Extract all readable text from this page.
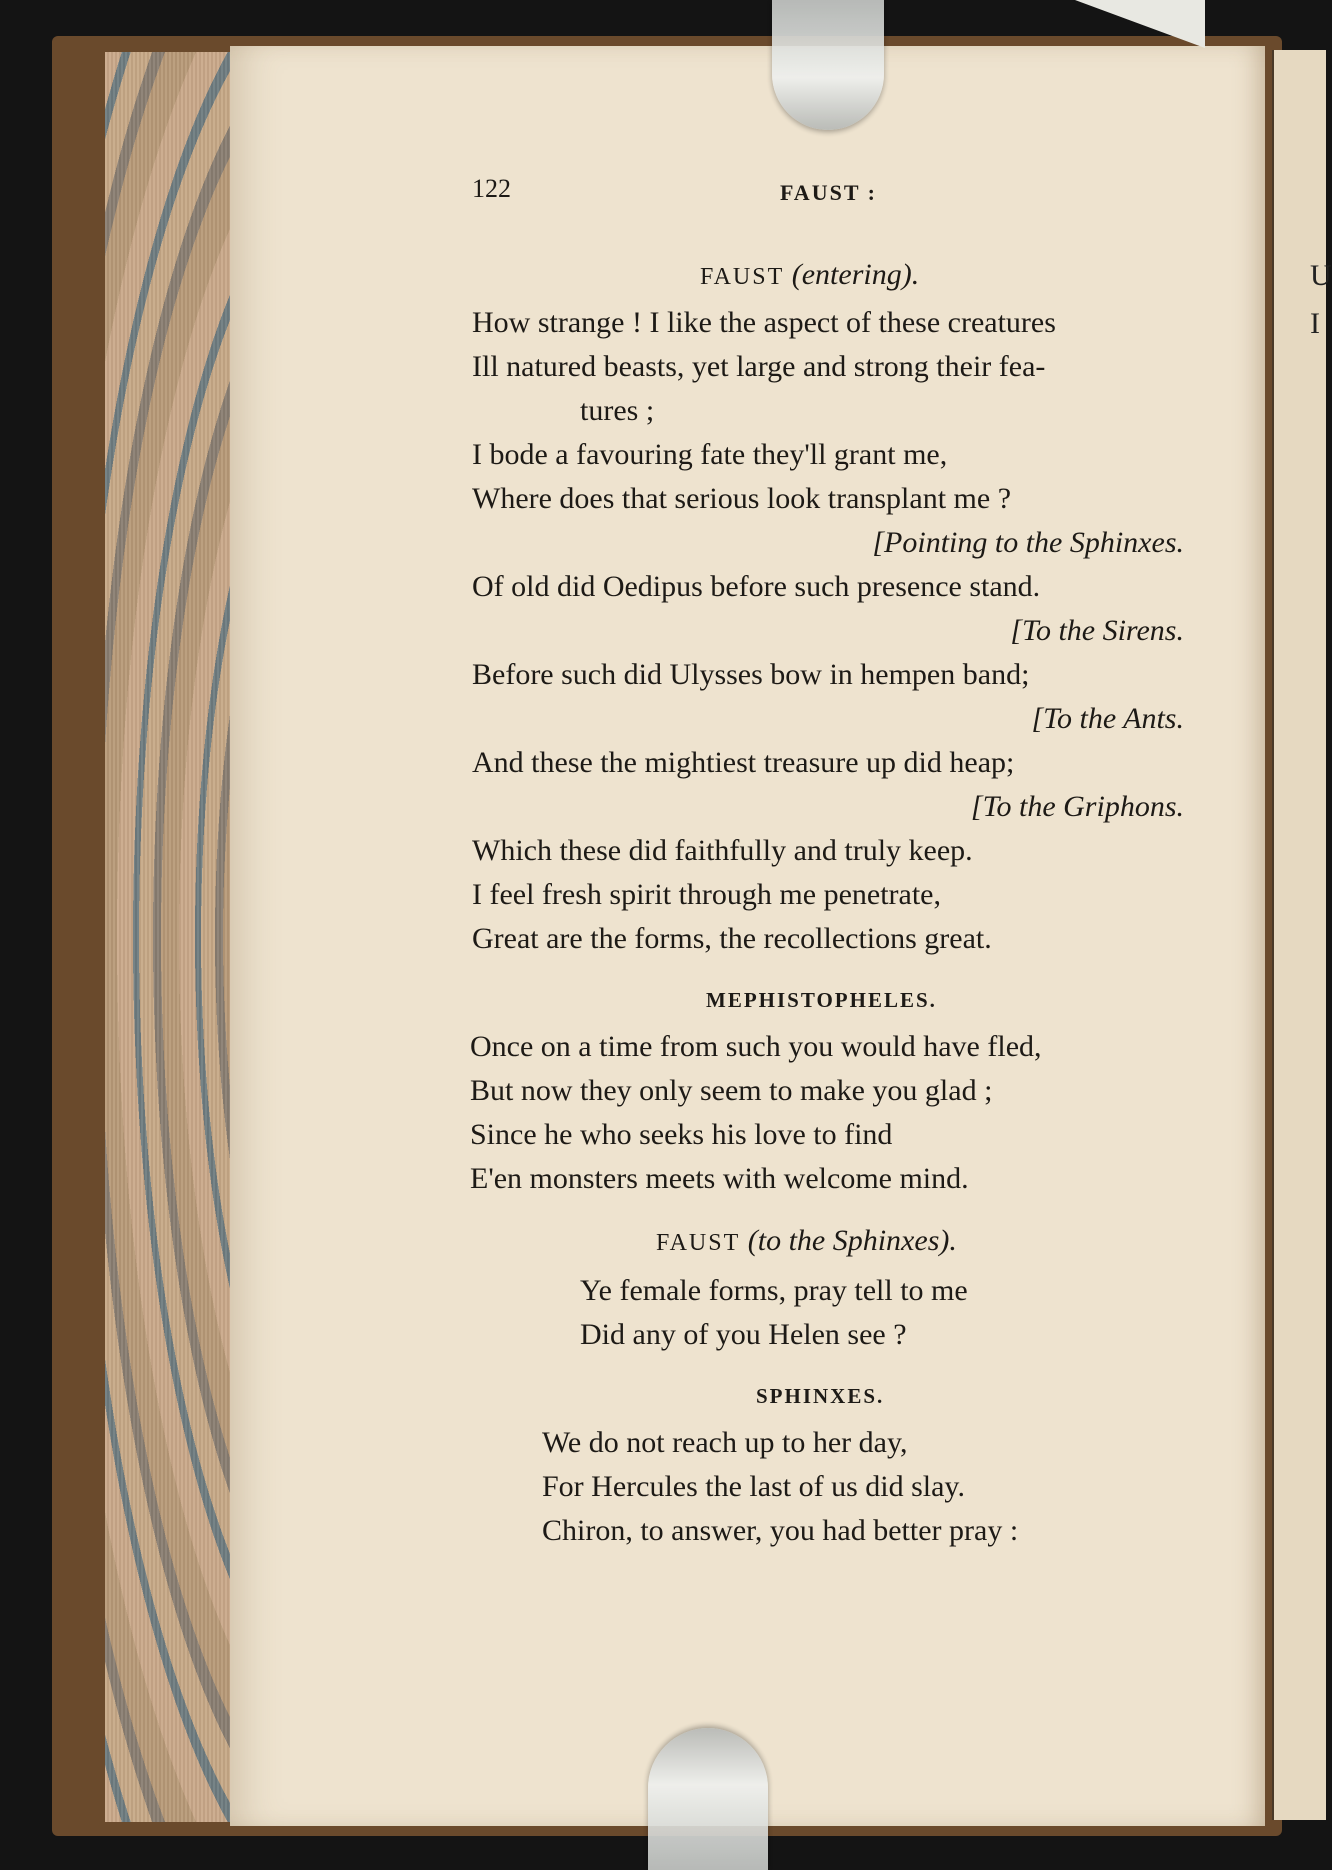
U
I
122	FAUST :
FAUST (entering).
How strange ! I like the aspect of these creatures
Ill natured beasts, yet large and strong their fea-
tures ;
I bode a favouring fate they'll grant me,
Where does that serious look transplant me ?
[Pointing to the Sphinxes.
Of old did Oedipus before such presence stand.
[To the Sirens.
Before such did Ulysses bow in hempen band;
[To the Ants.
And these the mightiest treasure up did heap;
[To the Griphons.
Which these did faithfully and truly keep.
I feel fresh spirit through me penetrate,
Great are the forms, the recollections great.
MEPHISTOPHELES.
Once on a time from such you would have fled,
But now they only seem to make you glad ;
Since he who seeks his love to find
E'en monsters meets with welcome mind.
FAUST (to the Sphinxes).
Ye female forms, pray tell to me
Did any of you Helen see ?
SPHINXES.
We do not reach up to her day,
For Hercules the last of us did slay.
Chiron, to answer, you had better pray :
